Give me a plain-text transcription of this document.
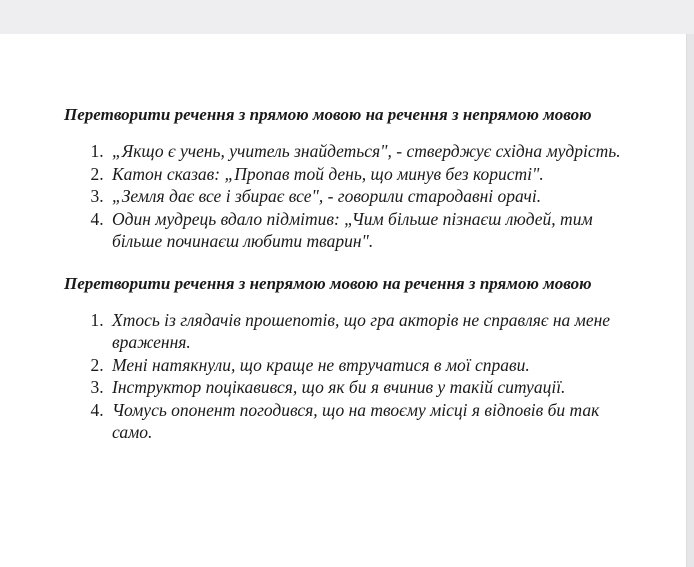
Перетворити речення з прямою мовою на речення з непрямою мовою

1. „Якщо є учень, учитель знайдеться", - стверджує східна мудрість.
2. Катон сказав: „Пропав той день, що минув без користі".
3. „Земля дає все і збирає все", - говорили стародавні орачі.
4. Один мудрець вдало підмітив: „Чим більше пізнаєш людей, тим більше починаєш любити тварин".

Перетворити речення з непрямою мовою на речення з прямою мовою

1. Хтось із глядачів прошепотів, що гра акторів не справляє на мене враження.
2. Мені натякнули, що краще не втручатися в мої справи.
3. Інструктор поцікавився, що як би я вчинив у такій ситуації.
4. Чомусь опонент погодився, що на твоєму місці я відповів би так само.
